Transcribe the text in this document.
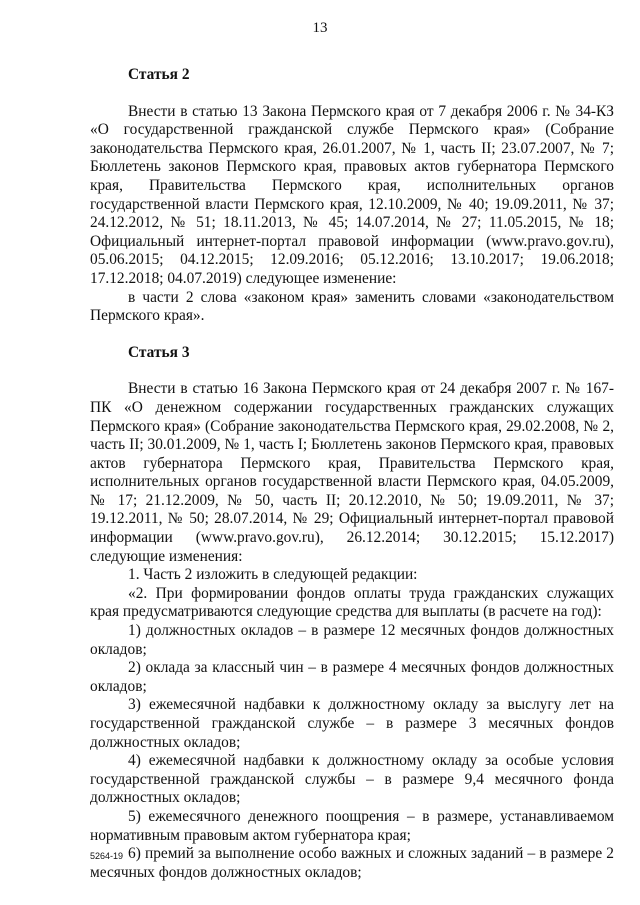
13
Статья 2

Внести в статью 13 Закона Пермского края от 7 декабря 2006 г. № 34-КЗ «О государственной гражданской службе Пермского края» (Собрание законодательства Пермского края, 26.01.2007, № 1, часть II; 23.07.2007, № 7; Бюллетень законов Пермского края, правовых актов губернатора Пермского края, Правительства Пермского края, исполнительных органов государственной власти Пермского края, 12.10.2009, № 40; 19.09.2011, № 37; 24.12.2012, № 51; 18.11.2013, № 45; 14.07.2014, № 27; 11.05.2015, № 18; Официальный интернет-портал правовой информации (www.pravo.gov.ru), 05.06.2015; 04.12.2015; 12.09.2016; 05.12.2016; 13.10.2017; 19.06.2018; 17.12.2018; 04.07.2019) следующее изменение:

в части 2 слова «законом края» заменить словами «законодательством Пермского края».

Статья 3

Внести в статью 16 Закона Пермского края от 24 декабря 2007 г. № 167-ПК «О денежном содержании государственных гражданских служащих Пермского края» (Собрание законодательства Пермского края, 29.02.2008, № 2, часть II; 30.01.2009, № 1, часть I; Бюллетень законов Пермского края, правовых актов губернатора Пермского края, Правительства Пермского края, исполнительных органов государственной власти Пермского края, 04.05.2009, № 17; 21.12.2009, № 50, часть II; 20.12.2010, № 50; 19.09.2011, № 37; 19.12.2011, № 50; 28.07.2014, № 29; Официальный интернет-портал правовой информации (www.pravo.gov.ru), 26.12.2014; 30.12.2015; 15.12.2017) следующие изменения:

1. Часть 2 изложить в следующей редакции:

«2. При формировании фондов оплаты труда гражданских служащих края предусматриваются следующие средства для выплаты (в расчете на год):

1) должностных окладов – в размере 12 месячных фондов должностных окладов;

2) оклада за классный чин – в размере 4 месячных фондов должностных окладов;

3) ежемесячной надбавки к должностному окладу за выслугу лет на государственной гражданской службе – в размере 3 месячных фондов должностных окладов;

4) ежемесячной надбавки к должностному окладу за особые условия государственной гражданской службы – в размере 9,4 месячного фонда должностных окладов;

5) ежемесячного денежного поощрения – в размере, устанавливаемом нормативным правовым актом губернатора края;

6) премий за выполнение особо важных и сложных заданий – в размере 2 месячных фондов должностных окладов;

5264-19
